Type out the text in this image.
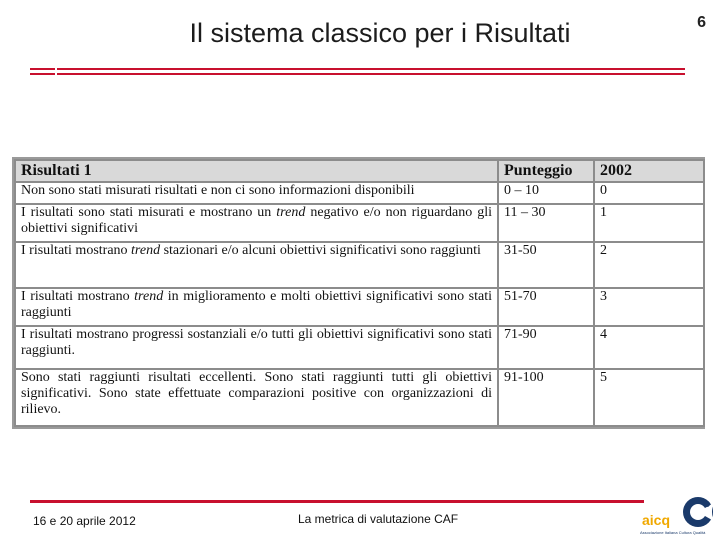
Il sistema classico per i Risultati	6
Risultati 1	Punteggio	2002
Non sono stati misurati risultati e non ci sono informazioni disponibili	0 – 10	0
I risultati sono stati misurati e mostrano un trend negativo e/o non riguardano gli obiettivi significativi	11 – 30	1
I risultati mostrano trend stazionari e/o alcuni obiettivi significativi sono raggiunti	31-50	2
I risultati mostrano trend in miglioramento e molti obiettivi significativi sono stati raggiunti	51-70	3
I risultati mostrano progressi sostanziali e/o tutti gli obiettivi significativi sono stati raggiunti.	71-90	4
Sono stati raggiunti risultati eccellenti. Sono stati raggiunti tutti gli obiettivi significativi. Sono state effettuate comparazioni positive con organizzazioni di rilievo.	91-100	5
16 e 20 aprile 2012	La metrica di valutazione CAF	aicq
Associazione Italiana Cultura Qualità
